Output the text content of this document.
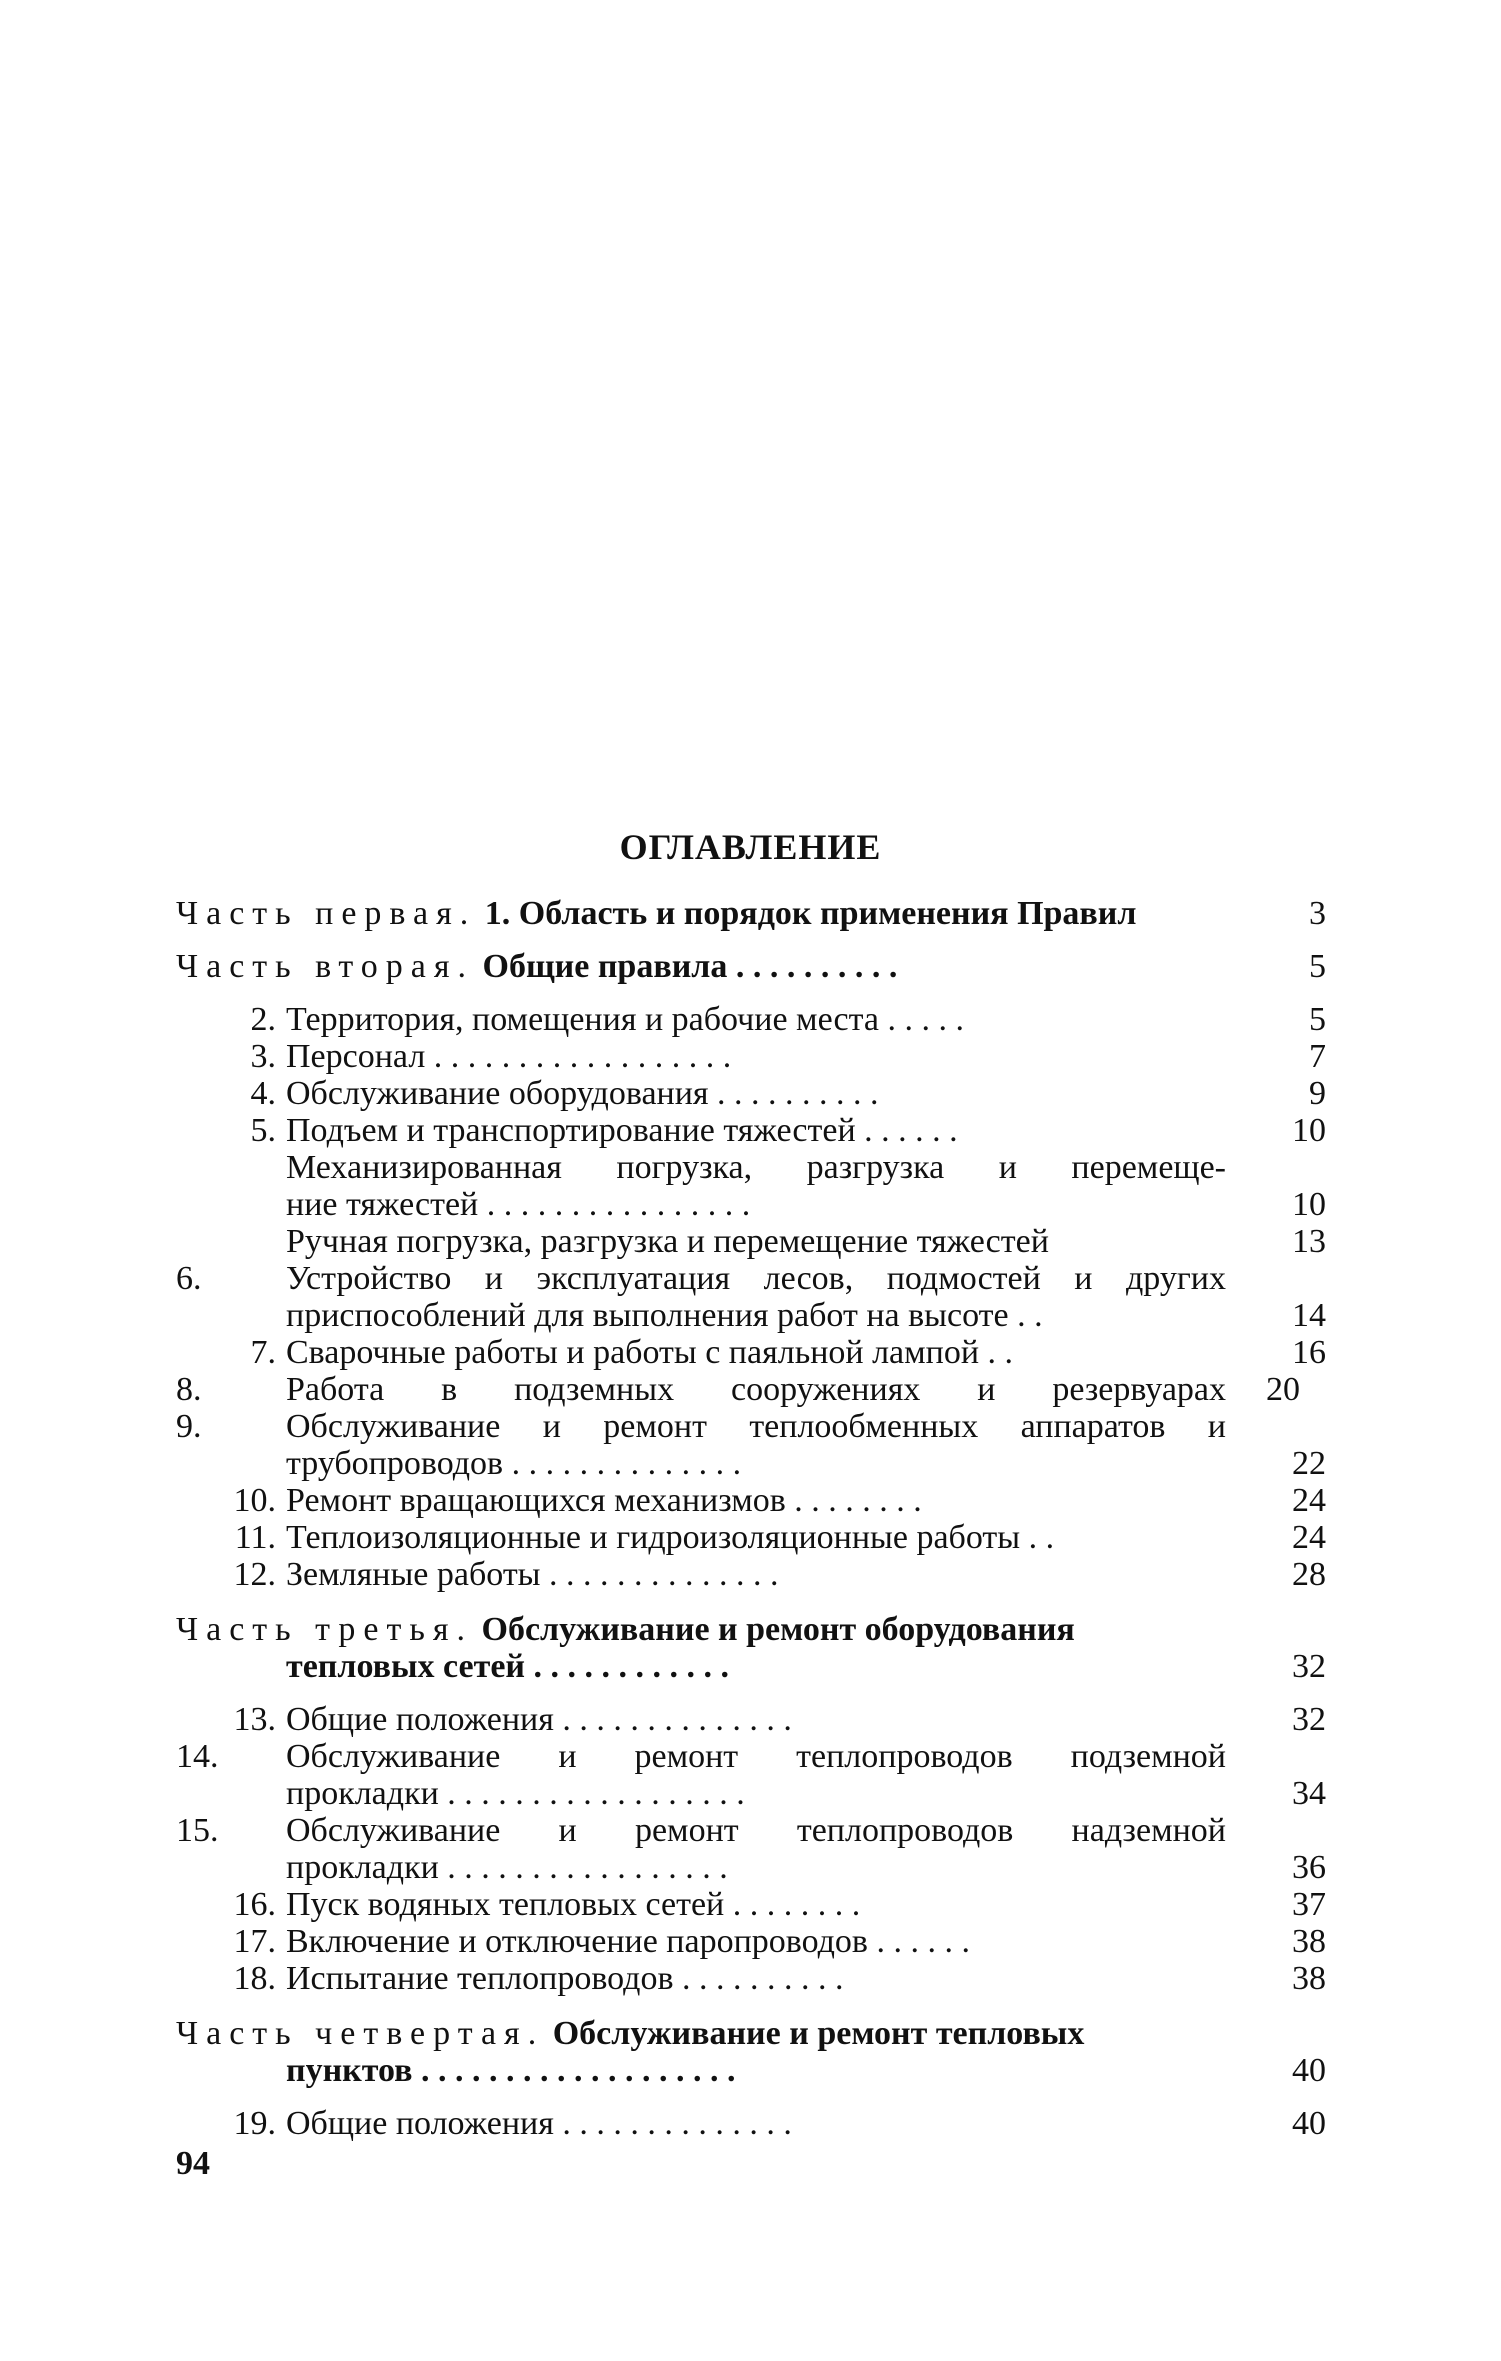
ОГЛАВЛЕНИЕ
Часть первая. 1. Область и порядок применения Правил	3
Часть вторая. Общие правила . . . . . . . . . .	5
2. Территория, помещения и рабочие места . . . . .	5
3. Персонал . . . . . . . . . . . . . . . . . .	7
4. Обслуживание оборудования . . . . . . . . . .	9
5. Подъем и транспортирование тяжестей . . . . . .	10
Механизированная погрузка, разгрузка и перемеще-
ние тяжестей . . . . . . . . . . . . . . . .	10
Ручная погрузка, разгрузка и перемещение тяжестей	13
6.	Устройство и эксплуатация лесов, подмостей и других
приспособлений для выполнения работ на высоте . .	14
7. Сварочные работы и работы с паяльной лампой . .	16
8.	Работа в подземных сооружениях и резервуарах 20
9.	Обслуживание и ремонт теплообменных аппаратов и
трубопроводов . . . . . . . . . . . . . .	22
10. Ремонт вращающихся механизмов . . . . . . . .	24
11. Теплоизоляционные и гидроизоляционные работы . .	24
12. Земляные работы . . . . . . . . . . . . . .	28
Часть третья. Обслуживание и ремонт оборудования
тепловых сетей . . . . . . . . . . . .	32
13. Общие положения . . . . . . . . . . . . . .	32
14.	Обслуживание и ремонт теплопроводов подземной
прокладки . . . . . . . . . . . . . . . . . .	34
15.	Обслуживание и ремонт теплопроводов надземной
прокладки . . . . . . . . . . . . . . . . .	36
16. Пуск водяных тепловых сетей . . . . . . . .	37
17. Включение и отключение паропроводов . . . . . .	38
18. Испытание теплопроводов . . . . . . . . . .	38
Часть четвертая. Обслуживание и ремонт тепловых
пунктов . . . . . . . . . . . . . . . . . . .	40
19. Общие положения . . . . . . . . . . . . . .	40
94
